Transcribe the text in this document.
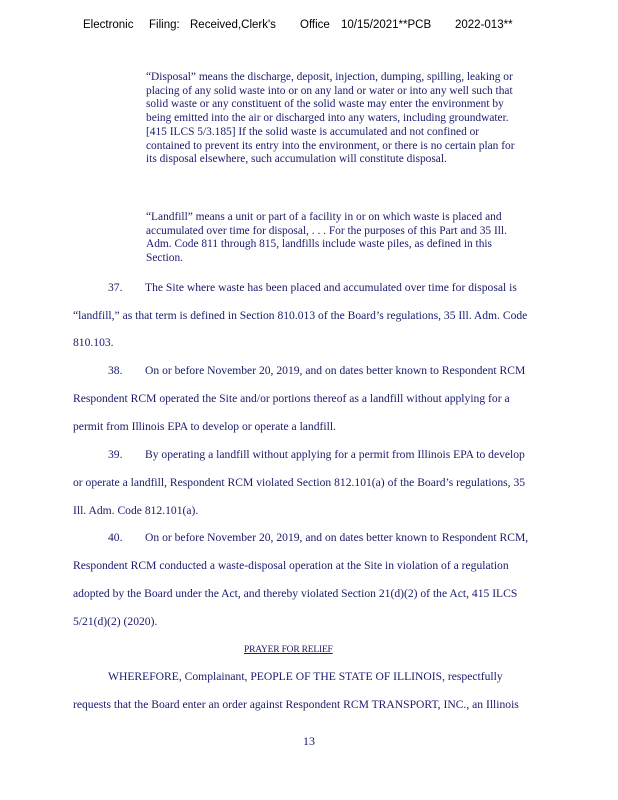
Electronic Filing: Received,Clerk's Office 10/15/2021**PCB 2022-013**

“Disposal” means the discharge, deposit, injection, dumping, spilling, leaking or placing of any solid waste into or on any land or water or into any well such that solid waste or any constituent of the solid waste may enter the environment by being emitted into the air or discharged into any waters, including groundwater. [415 ILCS 5/3.185] If the solid waste is accumulated and not confined or contained to prevent its entry into the environment, or there is no certain plan for its disposal elsewhere, such accumulation will constitute disposal.

“Landfill” means a unit or part of a facility in or on which waste is placed and accumulated over time for disposal, . . . For the purposes of this Part and 35 Ill. Adm. Code 811 through 815, landfills include waste piles, as defined in this Section.

37. The Site where waste has been placed and accumulated over time for disposal is
“landfill,” as that term is defined in Section 810.013 of the Board’s regulations, 35 Ill. Adm. Code
810.103.
38. On or before November 20, 2019, and on dates better known to Respondent RCM
Respondent RCM operated the Site and/or portions thereof as a landfill without applying for a
permit from Illinois EPA to develop or operate a landfill.
39. By operating a landfill without applying for a permit from Illinois EPA to develop
or operate a landfill, Respondent RCM violated Section 812.101(a) of the Board’s regulations, 35
Ill. Adm. Code 812.101(a).
40. On or before November 20, 2019, and on dates better known to Respondent RCM,
Respondent RCM conducted a waste-disposal operation at the Site in violation of a regulation
adopted by the Board under the Act, and thereby violated Section 21(d)(2) of the Act, 415 ILCS
5/21(d)(2) (2020).
PRAYER FOR RELIEF
WHEREFORE, Complainant, PEOPLE OF THE STATE OF ILLINOIS, respectfully
requests that the Board enter an order against Respondent RCM TRANSPORT, INC., an Illinois
13
